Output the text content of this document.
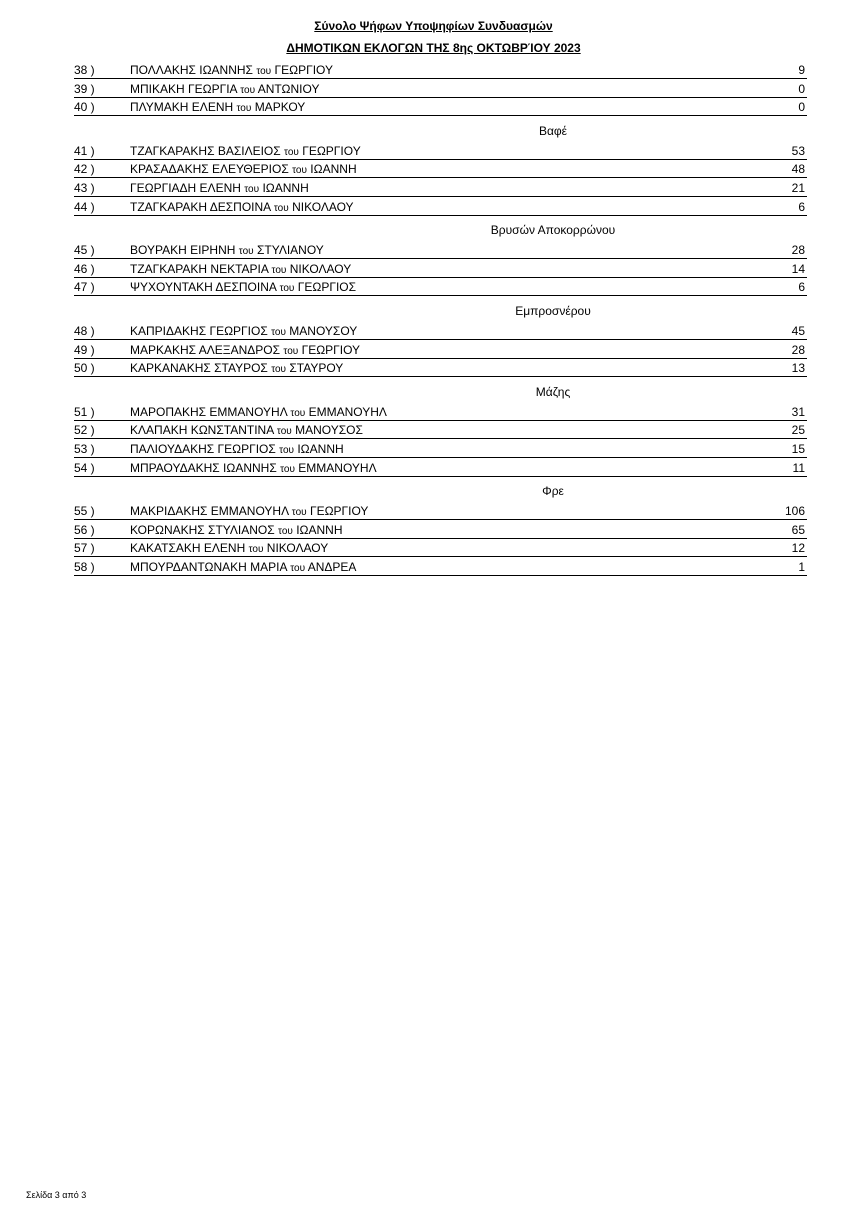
Σύνολο Ψήφων Υποψηφίων Συνδυασμών
ΔΗΜΟΤΙΚΩΝ ΕΚΛΟΓΩΝ ΤΗΣ 8ης ΟΚΤΩΒΡΊΟΥ 2023
38 )	ΠΟΛΛΑΚΗΣ ΙΩΑΝΝΗΣ του ΓΕΩΡΓΙΟΥ	9
39 )	ΜΠΙΚΑΚΗ ΓΕΩΡΓΙΑ του ΑΝΤΩΝΙΟΥ	0
40 )	ΠΛΥΜΑΚΗ ΕΛΕΝΗ του ΜΑΡΚΟΥ	0
Βαφέ
41 )	ΤΖΑΓΚΑΡΑΚΗΣ ΒΑΣΙΛΕΙΟΣ του ΓΕΩΡΓΙΟΥ	53
42 )	ΚΡΑΣΑΔΑΚΗΣ ΕΛΕΥΘΕΡΙΟΣ του ΙΩΑΝΝΗ	48
43 )	ΓΕΩΡΓΙΑΔΗ ΕΛΕΝΗ του ΙΩΑΝΝΗ	21
44 )	ΤΖΑΓΚΑΡΑΚΗ ΔΕΣΠΟΙΝΑ του ΝΙΚΟΛΑΟΥ	6
Βρυσών Αποκορρώνου
45 )	ΒΟΥΡΑΚΗ ΕΙΡΗΝΗ του ΣΤΥΛΙΑΝΟΥ	28
46 )	ΤΖΑΓΚΑΡΑΚΗ ΝΕΚΤΑΡΙΑ του ΝΙΚΟΛΑΟΥ	14
47 )	ΨΥΧΟΥΝΤΑΚΗ ΔΕΣΠΟΙΝΑ του ΓΕΩΡΓΙΟΣ	6
Εμπροσνέρου
48 )	ΚΑΠΡΙΔΑΚΗΣ ΓΕΩΡΓΙΟΣ του ΜΑΝΟΥΣΟΥ	45
49 )	ΜΑΡΚΑΚΗΣ ΑΛΕΞΑΝΔΡΟΣ του ΓΕΩΡΓΙΟΥ	28
50 )	ΚΑΡΚΑΝΑΚΗΣ ΣΤΑΥΡΟΣ του ΣΤΑΥΡΟΥ	13
Μάζης
51 )	ΜΑΡΟΠΑΚΗΣ ΕΜΜΑΝΟΥΗΛ του ΕΜΜΑΝΟΥΗΛ	31
52 )	ΚΛΑΠΑΚΗ ΚΩΝΣΤΑΝΤΙΝΑ του ΜΑΝΟΥΣΟΣ	25
53 )	ΠΑΛΙΟΥΔΑΚΗΣ ΓΕΩΡΓΙΟΣ του ΙΩΑΝΝΗ	15
54 )	ΜΠΡΑΟΥΔΑΚΗΣ ΙΩΑΝΝΗΣ του ΕΜΜΑΝΟΥΗΛ	11
Φρε
55 )	ΜΑΚΡΙΔΑΚΗΣ ΕΜΜΑΝΟΥΗΛ του ΓΕΩΡΓΙΟΥ	106
56 )	ΚΟΡΩΝΑΚΗΣ ΣΤΥΛΙΑΝΟΣ του ΙΩΑΝΝΗ	65
57 )	ΚΑΚΑΤΣΑΚΗ ΕΛΕΝΗ του ΝΙΚΟΛΑΟΥ	12
58 )	ΜΠΟΥΡΔΑΝΤΩΝΑΚΗ ΜΑΡΙΑ του ΑΝΔΡΕΑ	1
Σελίδα 3 από 3
